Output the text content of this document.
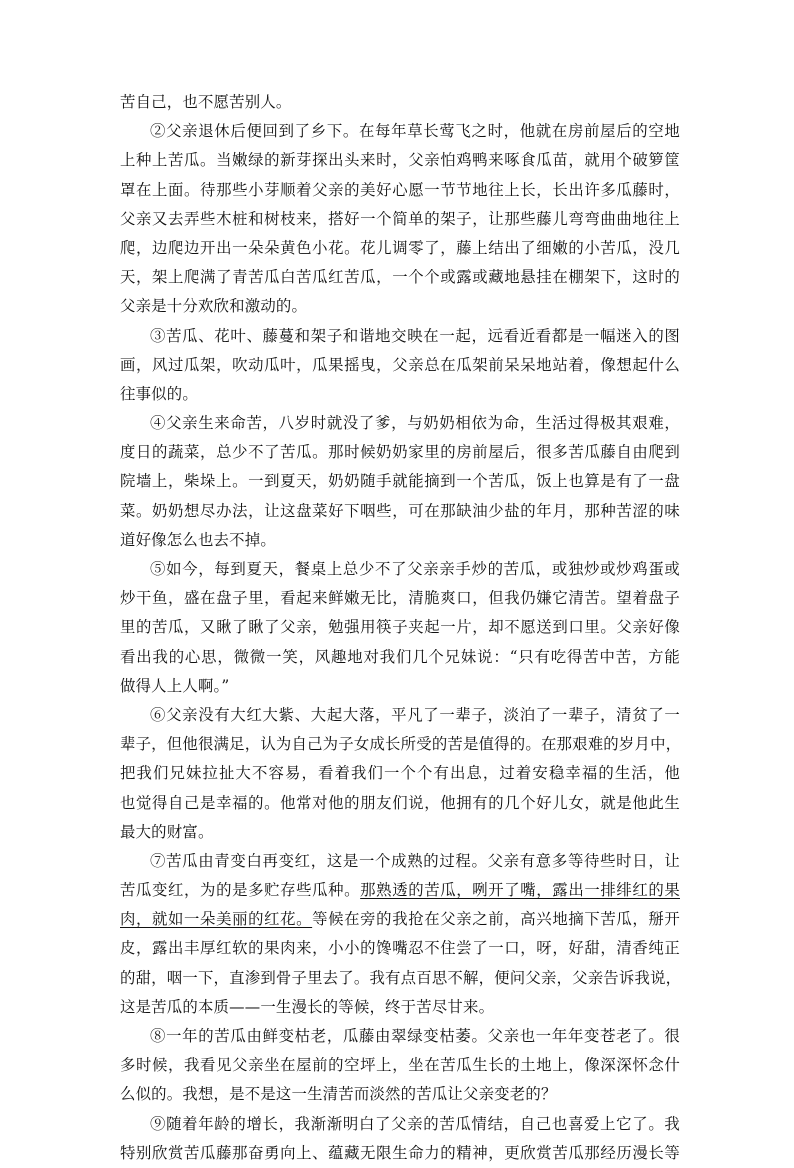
苦自己，也不愿苦别人。
②父亲退休后便回到了乡下。在每年草长莺飞之时，他就在房前屋后的空地
上种上苦瓜。当嫩绿的新芽探出头来时，父亲怕鸡鸭来啄食瓜苗，就用个破箩筐
罩在上面。待那些小芽顺着父亲的美好心愿一节节地往上长，长出许多瓜藤时，
父亲又去弄些木桩和树枝来，搭好一个简单的架子，让那些藤儿弯弯曲曲地往上
爬，边爬边开出一朵朵黄色小花。花儿调零了，藤上结出了细嫩的小苦瓜，没几
天，架上爬满了青苦瓜白苦瓜红苦瓜，一个个或露或藏地悬挂在棚架下，这时的
父亲是十分欢欣和激动的。
③苦瓜、花叶、藤蔓和架子和谐地交映在一起，远看近看都是一幅迷入的图
画，风过瓜架，吹动瓜叶，瓜果摇曳，父亲总在瓜架前呆呆地站着，像想起什么
往事似的。
④父亲生来命苦，八岁时就没了爹，与奶奶相依为命，生活过得极其艰难，
度日的蔬菜，总少不了苦瓜。那时候奶奶家里的房前屋后，很多苦瓜藤自由爬到
院墙上，柴垛上。一到夏天，奶奶随手就能摘到一个苦瓜，饭上也算是有了一盘
菜。奶奶想尽办法，让这盘菜好下咽些，可在那缺油少盐的年月，那种苦涩的味
道好像怎么也去不掉。
⑤如今，每到夏天，餐桌上总少不了父亲亲手炒的苦瓜，或独炒或炒鸡蛋或
炒干鱼，盛在盘子里，看起来鲜嫩无比，清脆爽口，但我仍嫌它清苦。望着盘子
里的苦瓜，又瞅了瞅了父亲，勉强用筷子夹起一片，却不愿送到口里。父亲好像
看出我的心思，微微一笑，风趣地对我们几个兄妹说：“只有吃得苦中苦，方能
做得人上人啊。”
⑥父亲没有大红大紫、大起大落，平凡了一辈子，淡泊了一辈子，清贫了一
辈子，但他很满足，认为自己为子女成长所受的苦是值得的。在那艰难的岁月中，
把我们兄妹拉扯大不容易，看着我们一个个有出息，过着安稳幸福的生活，他
也觉得自己是幸福的。他常对他的朋友们说，他拥有的几个好儿女，就是他此生
最大的财富。
⑦苦瓜由青变白再变红，这是一个成熟的过程。父亲有意多等待些时日，让
苦瓜变红，为的是多贮存些瓜种。那熟透的苦瓜，咧开了嘴，露出一排绯红的果
肉，就如一朵美丽的红花。等候在旁的我抢在父亲之前，高兴地摘下苦瓜，掰开
皮，露出丰厚红软的果肉来，小小的馋嘴忍不住尝了一口，呀，好甜，清香纯正
的甜，咽一下，直渗到骨子里去了。我有点百思不解，便问父亲，父亲告诉我说，
这是苦瓜的本质——一生漫长的等候，终于苦尽甘来。
⑧一年的苦瓜由鲜变枯老，瓜藤由翠绿变枯萎。父亲也一年年变苍老了。很
多时候，我看见父亲坐在屋前的空坪上，坐在苦瓜生长的土地上，像深深怀念什
么似的。我想，是不是这一生清苦而淡然的苦瓜让父亲变老的？
⑨随着年龄的增长，我渐渐明白了父亲的苦瓜情结，自己也喜爱上它了。我
特别欣赏苦瓜藤那奋勇向上、蕴藏无限生命力的精神，更欣赏苦瓜那经历漫长等
